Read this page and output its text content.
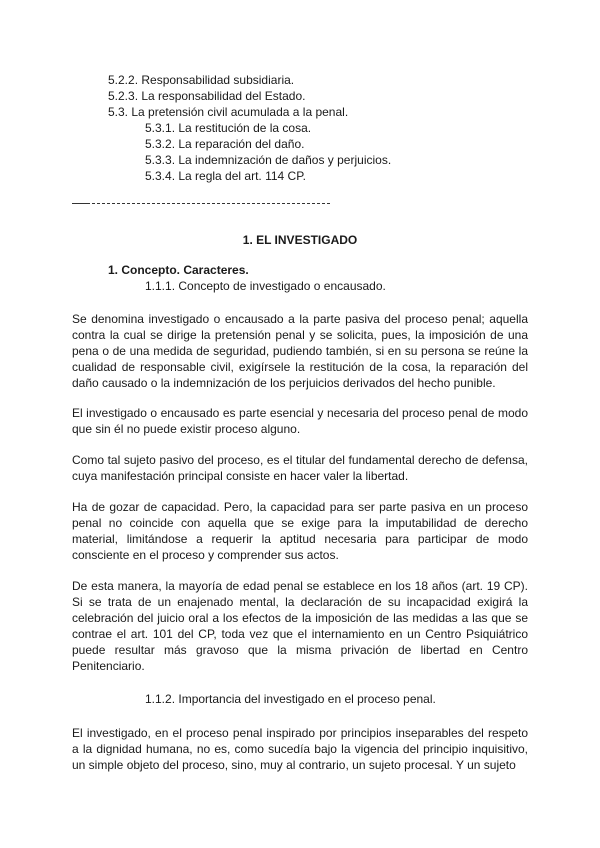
5.2.2. Responsabilidad subsidiaria.
5.2.3. La responsabilidad del Estado.
5.3. La pretensión civil acumulada a la penal.
5.3.1. La restitución de la cosa.
5.3.2. La reparación del daño.
5.3.3. La indemnización de daños y perjuicios.
5.3.4. La regla del art. 114 CP.
1. EL INVESTIGADO
1. Concepto. Caracteres.
1.1.1. Concepto de investigado o encausado.

Se denomina investigado o encausado a la parte pasiva del proceso penal; aquella contra la cual se dirige la pretensión penal y se solicita, pues, la imposición de una pena o de una medida de seguridad, pudiendo también, si en su persona se reúne la cualidad de responsable civil, exigírsele la restitución de la cosa, la reparación del daño causado o la indemnización de los perjuicios derivados del hecho punible.

El investigado o encausado es parte esencial y necesaria del proceso penal de modo que sin él no puede existir proceso alguno.

Como tal sujeto pasivo del proceso, es el titular del fundamental derecho de defensa, cuya manifestación principal consiste en hacer valer la libertad.

Ha de gozar de capacidad. Pero, la capacidad para ser parte pasiva en un proceso penal no coincide con aquella que se exige para la imputabilidad de derecho material, limitándose a requerir la aptitud necesaria para participar de modo consciente en el proceso y comprender sus actos.

De esta manera, la mayoría de edad penal se establece en los 18 años (art. 19 CP). Si se trata de un enajenado mental, la declaración de su incapacidad exigirá la celebración del juicio oral a los efectos de la imposición de las medidas a las que se contrae el art. 101 del CP, toda vez que el internamiento en un Centro Psiquiátrico puede resultar más gravoso que la misma privación de libertad en Centro Penitenciario.

1.1.2. Importancia del investigado en el proceso penal.

El investigado, en el proceso penal inspirado por principios inseparables del respeto a la dignidad humana, no es, como sucedía bajo la vigencia del principio inquisitivo, un simple objeto del proceso, sino, muy al contrario, un sujeto procesal. Y un sujeto
